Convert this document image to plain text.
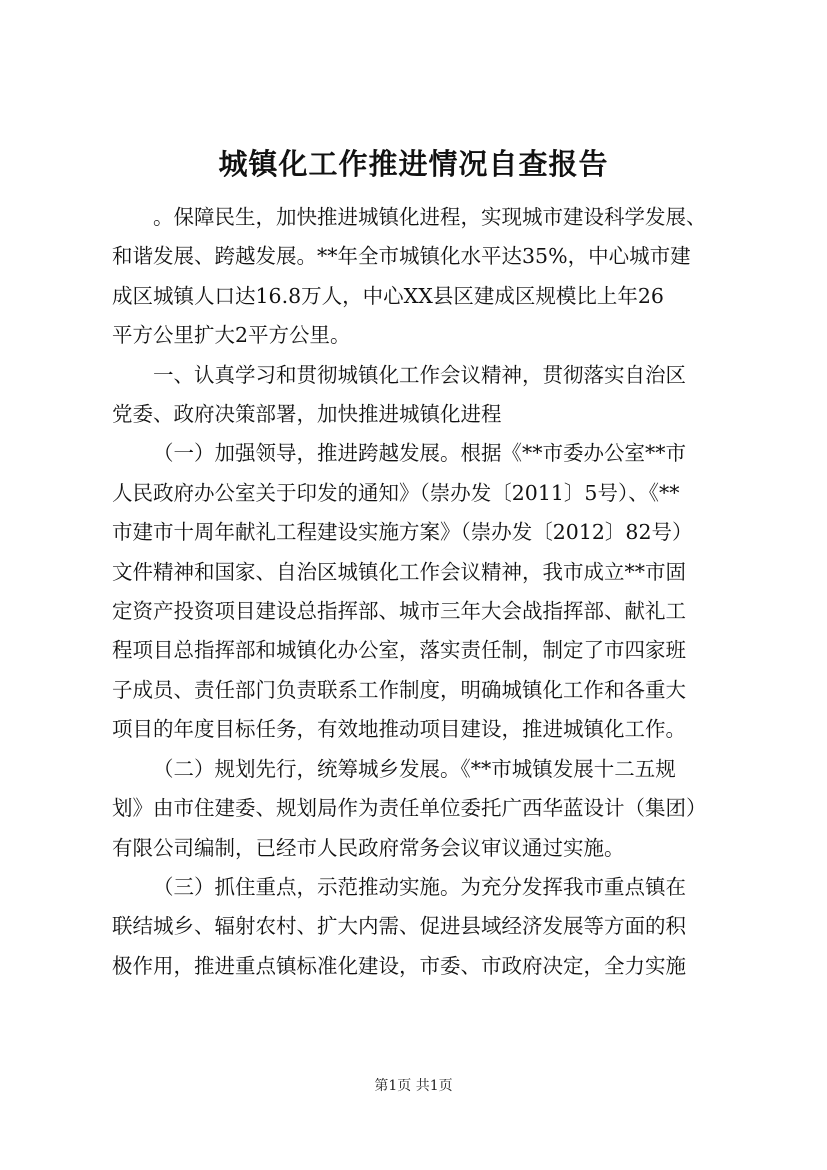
城镇化工作推进情况自查报告

。保障民生，加快推进城镇化进程，实现城市建设科学发展、
和谐发展、跨越发展。**年全市城镇化水平达35%，中心城市建
成区城镇人口达16.8万人，中心XX县区建成区规模比上年26
平方公里扩大2平方公里。

一、认真学习和贯彻城镇化工作会议精神，贯彻落实自治区
党委、政府决策部署，加快推进城镇化进程

（一）加强领导，推进跨越发展。根据《**市委办公室**市
人民政府办公室关于印发的通知》（崇办发〔2011〕5号）、《**
市建市十周年献礼工程建设实施方案》（崇办发〔2012〕82号）
文件精神和国家、自治区城镇化工作会议精神，我市成立**市固
定资产投资项目建设总指挥部、城市三年大会战指挥部、献礼工
程项目总指挥部和城镇化办公室，落实责任制，制定了市四家班
子成员、责任部门负责联系工作制度，明确城镇化工作和各重大
项目的年度目标任务，有效地推动项目建设，推进城镇化工作。

（二）规划先行，统筹城乡发展。《**市城镇发展十二五规
划》由市住建委、规划局作为责任单位委托广西华蓝设计（集团）
有限公司编制，已经市人民政府常务会议审议通过实施。

（三）抓住重点，示范推动实施。为充分发挥我市重点镇在
联结城乡、辐射农村、扩大内需、促进县域经济发展等方面的积
极作用，推进重点镇标准化建设，市委、市政府决定，全力实施

第1页 共1页
